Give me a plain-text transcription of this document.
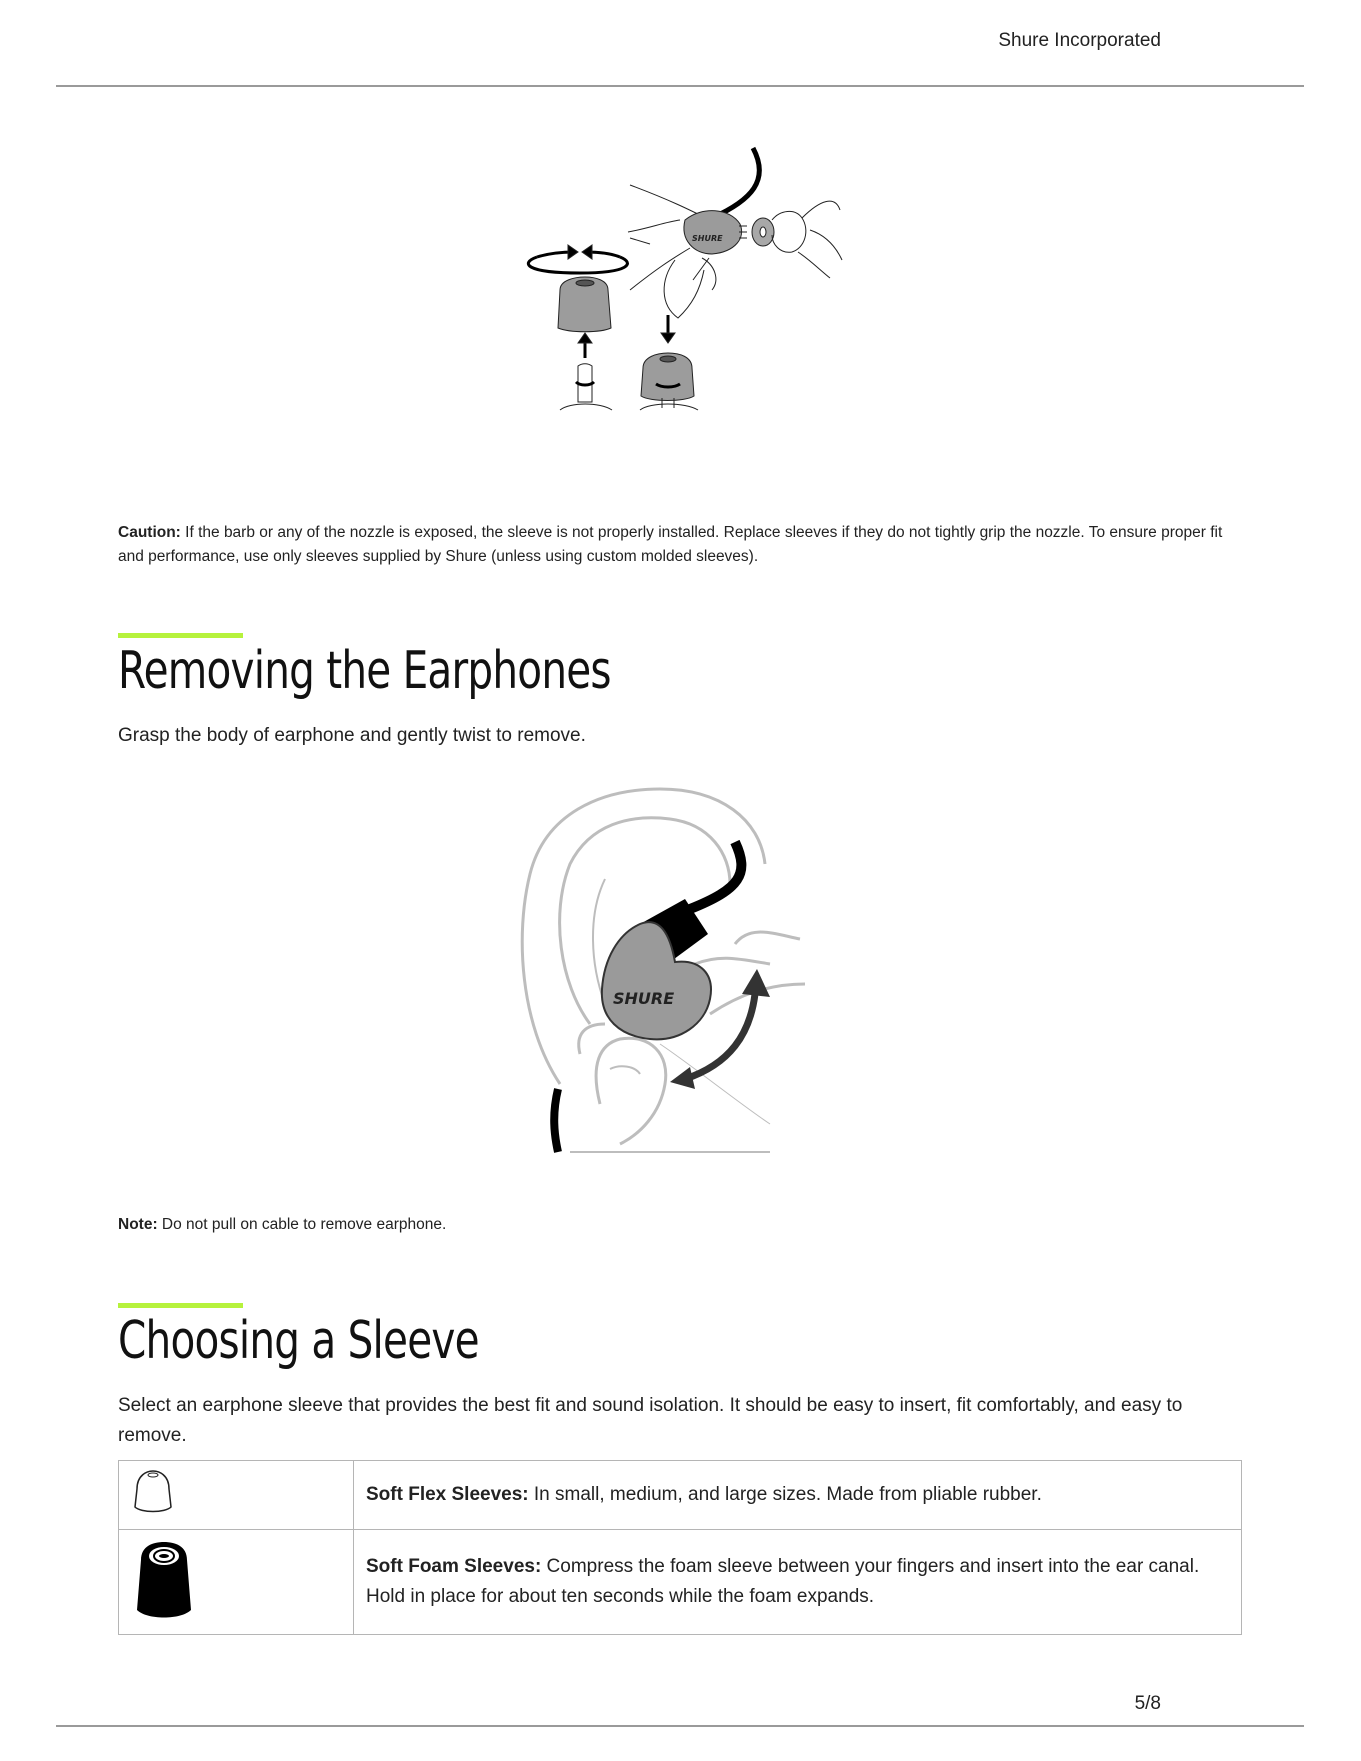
Shure Incorporated
SHURE
Caution: If the barb or any of the nozzle is exposed, the sleeve is not properly installed. Replace sleeves if they do not tightly grip the nozzle. To ensure proper fit and performance, use only sleeves supplied by Shure (unless using custom molded sleeves).
Removing the Earphones

Grasp the body of earphone and gently twist to remove.

SHURE
Note: Do not pull on cable to remove earphone.
Choosing a Sleeve

Select an earphone sleeve that provides the best fit and sound isolation. It should be easy to insert, fit comfortably, and easy to remove.

	Soft Flex Sleeves: In small, medium, and large sizes. Made from pliable rubber.
	Soft Foam Sleeves: Compress the foam sleeve between your fingers and insert into the ear canal. Hold in place for about ten seconds while the foam expands.
5/8
